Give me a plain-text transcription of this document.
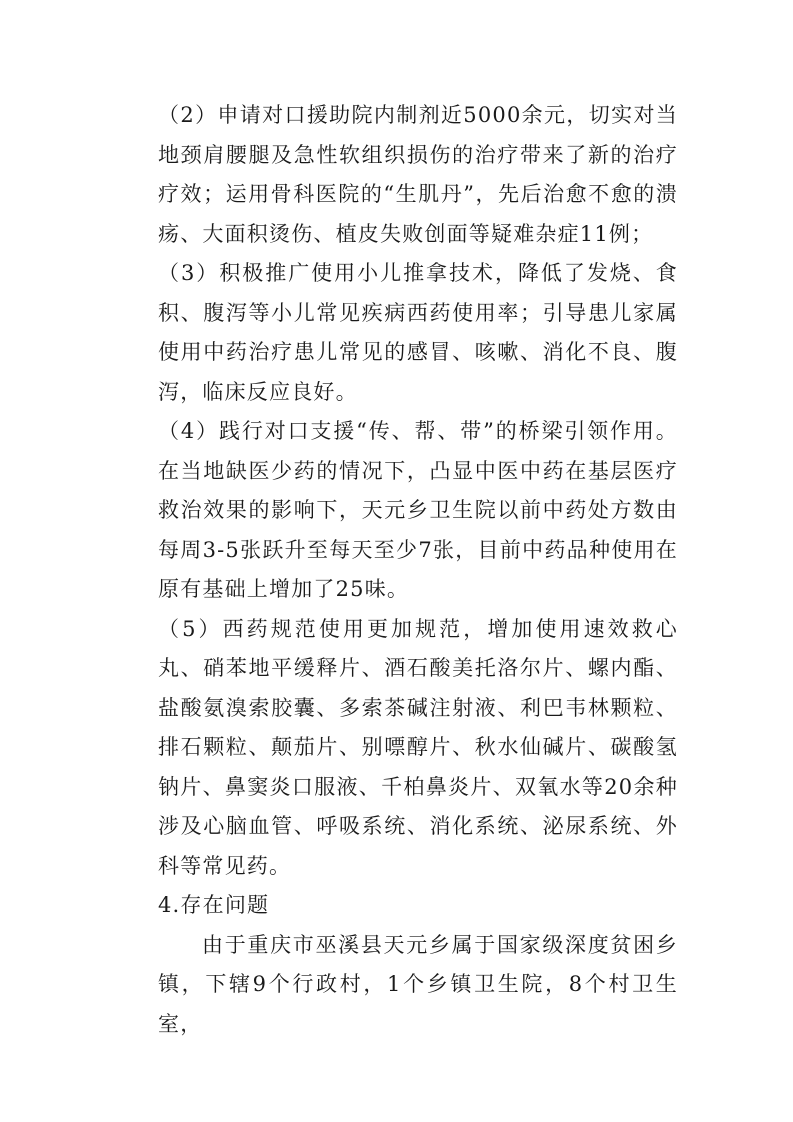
（2）申请对口援助院内制剂近5000余元，切实对当地颈肩腰腿及急性软组织损伤的治疗带来了新的治疗疗效；运用骨科医院的“生肌丹”，先后治愈不愈的溃疡、大面积烫伤、植皮失败创面等疑难杂症11例；

（3）积极推广使用小儿推拿技术，降低了发烧、食积、腹泻等小儿常见疾病西药使用率；引导患儿家属使用中药治疗患儿常见的感冒、咳嗽、消化不良、腹泻，临床反应良好。

（4）践行对口支援“传、帮、带”的桥梁引领作用。在当地缺医少药的情况下，凸显中医中药在基层医疗救治效果的影响下，天元乡卫生院以前中药处方数由每周3-5张跃升至每天至少7张，目前中药品种使用在原有基础上增加了25味。

（5）西药规范使用更加规范，增加使用速效救心丸、硝苯地平缓释片、酒石酸美托洛尔片、螺内酯、盐酸氨溴索胶囊、多索茶碱注射液、利巴韦林颗粒、排石颗粒、颠茄片、别嘌醇片、秋水仙碱片、碳酸氢钠片、鼻窦炎口服液、千柏鼻炎片、双氧水等20余种涉及心脑血管、呼吸系统、消化系统、泌尿系统、外科等常见药。

4.存在问题

由于重庆市巫溪县天元乡属于国家级深度贫困乡镇，下辖9个行政村，1个乡镇卫生院，8个村卫生室，
